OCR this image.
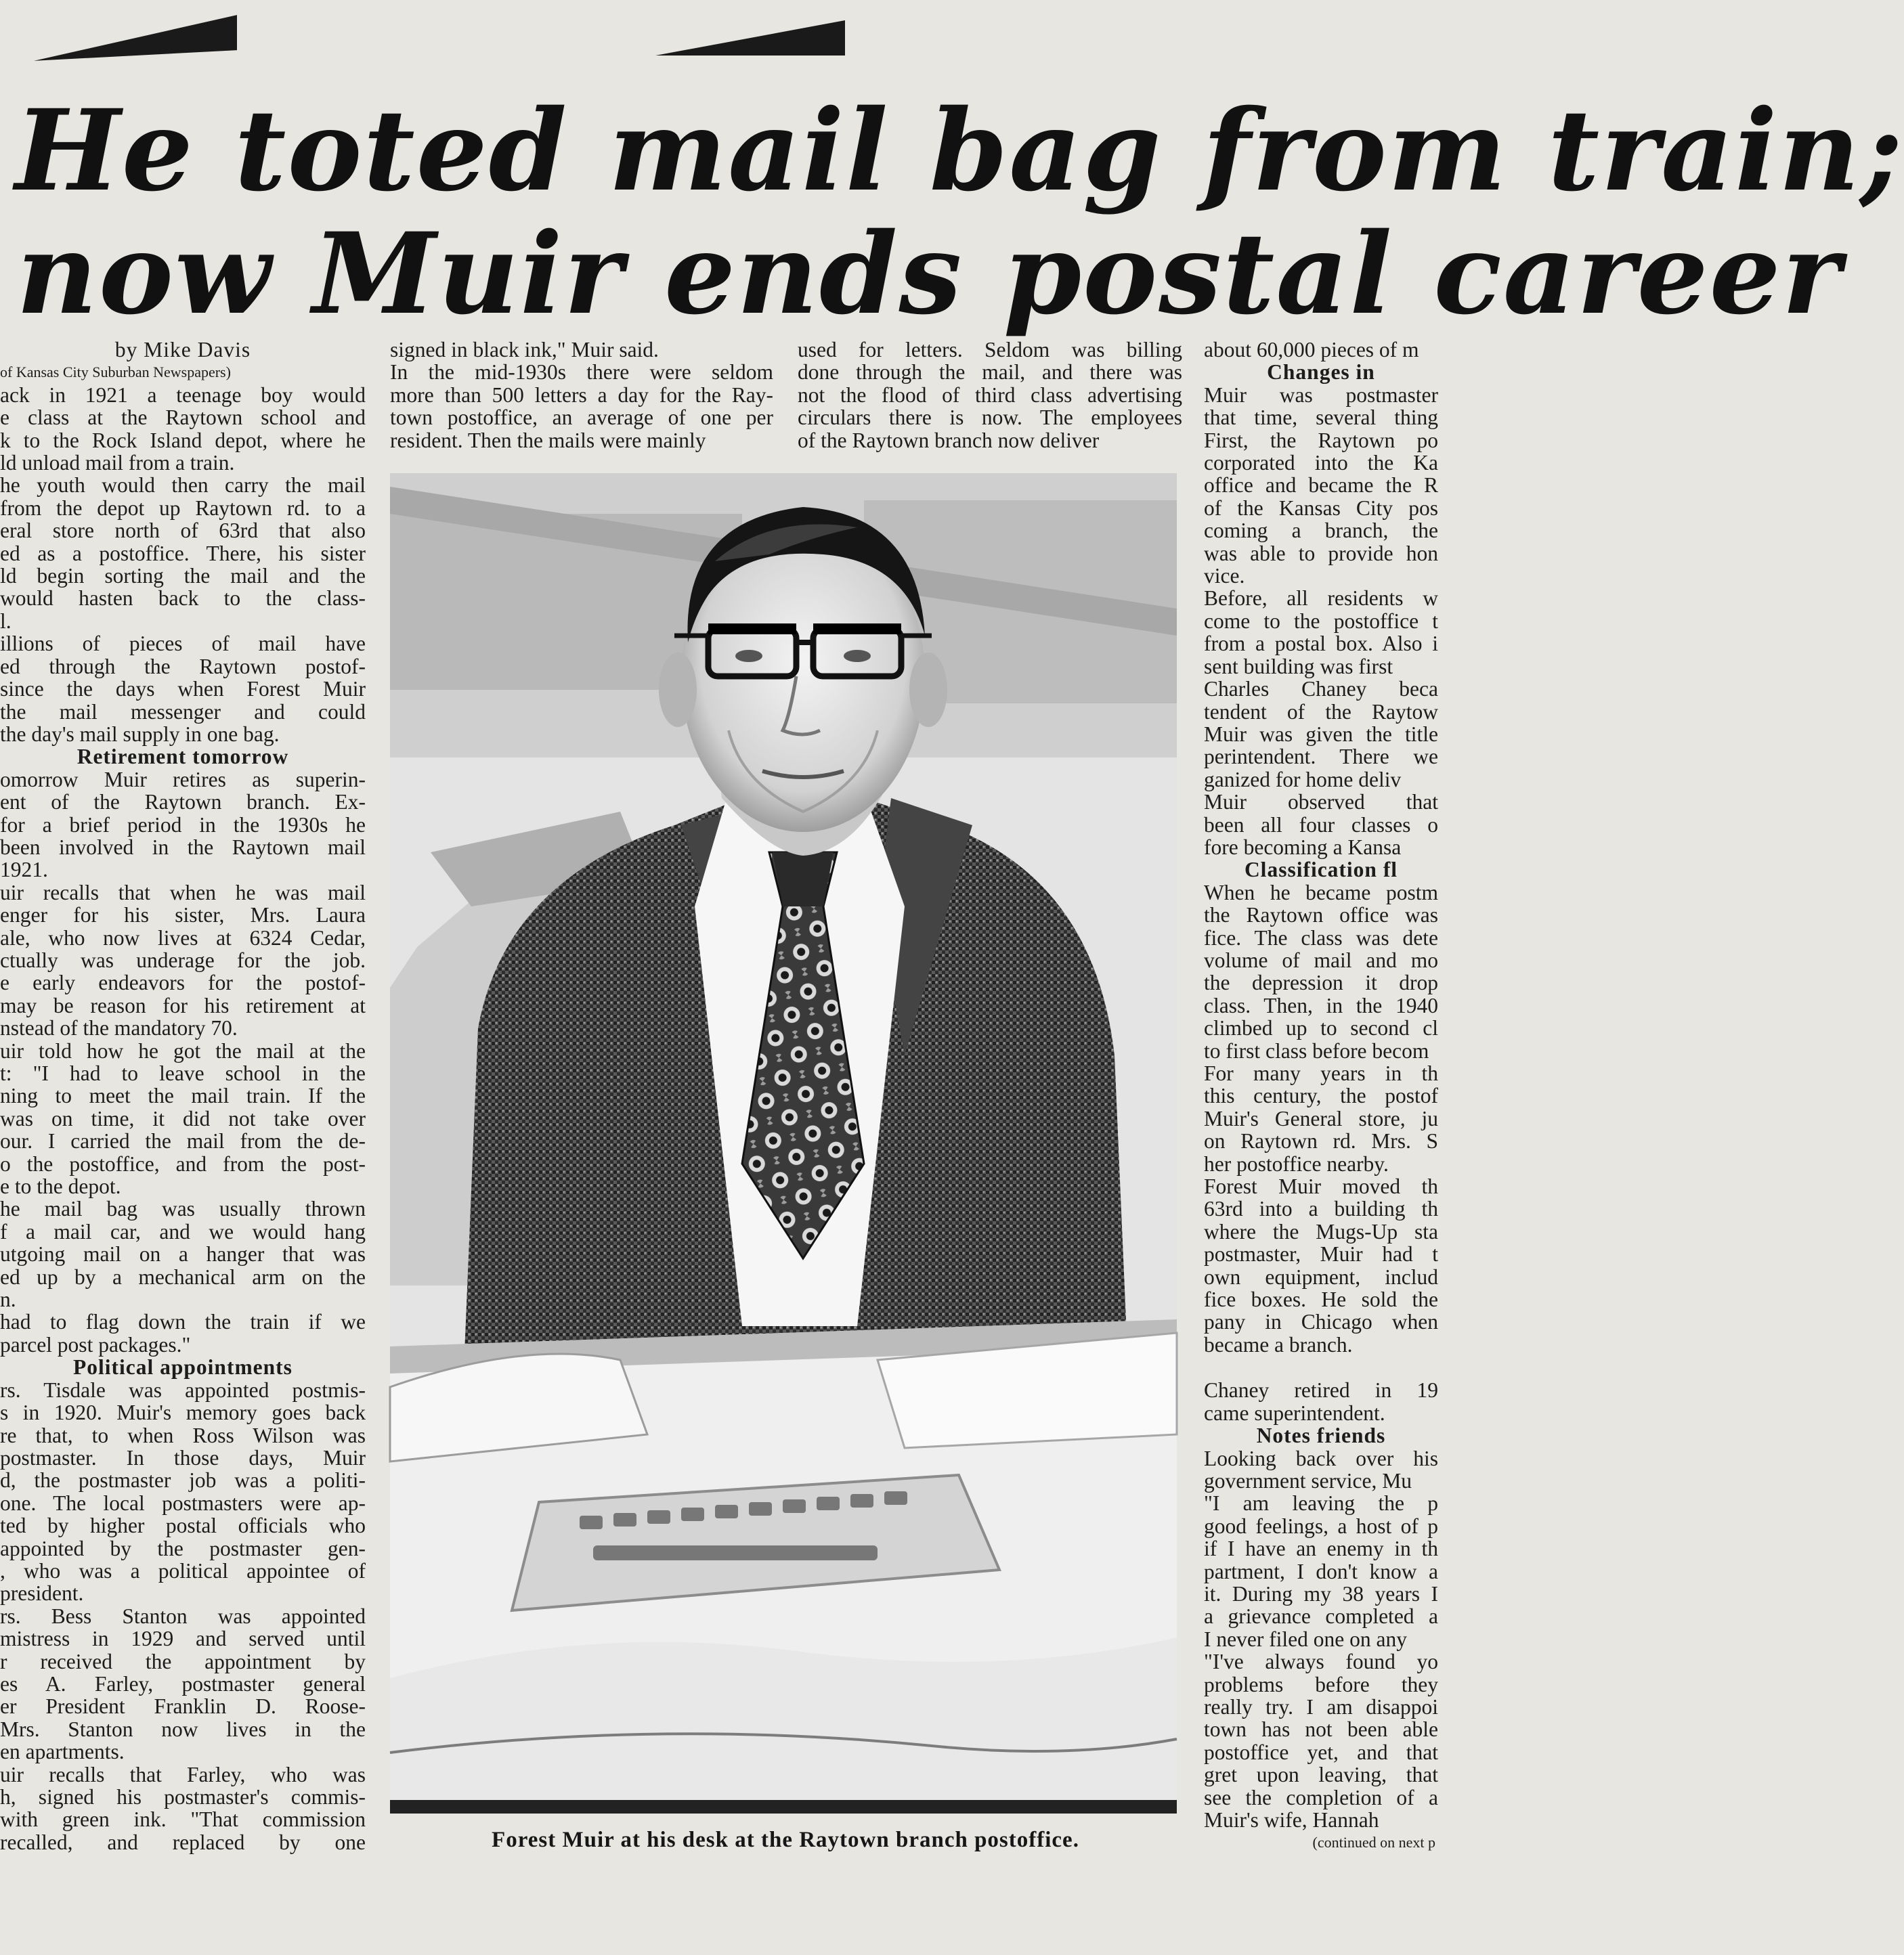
He toted mail bag from train;
now Muir ends postal career

by Mike Davis

of Kansas City Suburban Newspapers)

ack in 1921 a teenage boy would

e class at the Raytown school and

k to the Rock Island depot, where he

ld unload mail from a train.

he youth would then carry the mail

from the depot up Raytown rd. to a

eral store north of 63rd that also

ed as a postoffice. There, his sister

ld begin sorting the mail and the

would hasten back to the class-

l.

illions of pieces of mail have

ed through the Raytown postof-

since the days when Forest Muir

the mail messenger and could

the day's mail supply in one bag.

Retirement tomorrow

omorrow Muir retires as superin-

ent of the Raytown branch. Ex-

for a brief period in the 1930s he

been involved in the Raytown mail

1921.

uir recalls that when he was mail

enger for his sister, Mrs. Laura

ale, who now lives at 6324 Cedar,

ctually was underage for the job.

e early endeavors for the postof-

may be reason for his retirement at

nstead of the mandatory 70.

uir told how he got the mail at the

t: "I had to leave school in the

ning to meet the mail train. If the

was on time, it did not take over

our. I carried the mail from the de-

o the postoffice, and from the post-

e to the depot.

he mail bag was usually thrown

f a mail car, and we would hang

utgoing mail on a hanger that was

ed up by a mechanical arm on the

n.

had to flag down the train if we

parcel post packages."

Political appointments

rs. Tisdale was appointed postmis-

s in 1920. Muir's memory goes back

re that, to when Ross Wilson was

postmaster. In those days, Muir

d, the postmaster job was a politi-

one. The local postmasters were ap-

ted by higher postal officials who

appointed by the postmaster gen-

, who was a political appointee of

president.

rs. Bess Stanton was appointed

mistress in 1929 and served until

r received the appointment by

es A. Farley, postmaster general

er President Franklin D. Roose-

Mrs. Stanton now lives in the

en apartments.

uir recalls that Farley, who was

h, signed his postmaster's commis-

with green ink. "That commission

recalled, and replaced by one

signed in black ink," Muir said.

In the mid-1930s there were seldom

more than 500 letters a day for the Ray-

town postoffice, an average of one per

resident. Then the mails were mainly

used for letters. Seldom was billing

done through the mail, and there was

not the flood of third class advertising

circulars there is now. The employees

of the Raytown branch now deliver

about 60,000 pieces of m

Changes in

Muir was postmaster

that time, several thing

First, the Raytown po

corporated into the Ka

office and became the R

of the Kansas City pos

coming a branch, the

was able to provide hon

vice.

Before, all residents w

come to the postoffice t

from a postal box. Also i

sent building was first

Charles Chaney beca

tendent of the Raytow

Muir was given the title

perintendent. There we

ganized for home deliv

Muir observed that

been all four classes o

fore becoming a Kansa

Classification fl

When he became postm

the Raytown office was

fice. The class was dete

volume of mail and mo

the depression it drop

class. Then, in the 1940

climbed up to second cl

to first class before becom

For many years in th

this century, the postof

Muir's General store, ju

on Raytown rd. Mrs. S

her postoffice nearby.

Forest Muir moved th

63rd into a building th

where the Mugs-Up sta

postmaster, Muir had t

own equipment, includ

fice boxes. He sold the

pany in Chicago when

became a branch.

Chaney retired in 19

came superintendent.

Notes friends

Looking back over his

government service, Mu

"I am leaving the p

good feelings, a host of p

if I have an enemy in th

partment, I don't know a

it. During my 38 years I

a grievance completed a

I never filed one on any

"I've always found yo

problems before they

really try. I am disappoi

town has not been able

postoffice yet, and that

gret upon leaving, that

see the completion of a

Muir's wife, Hannah

(continued on next p

Forest Muir at his desk at the Raytown branch postoffice.
